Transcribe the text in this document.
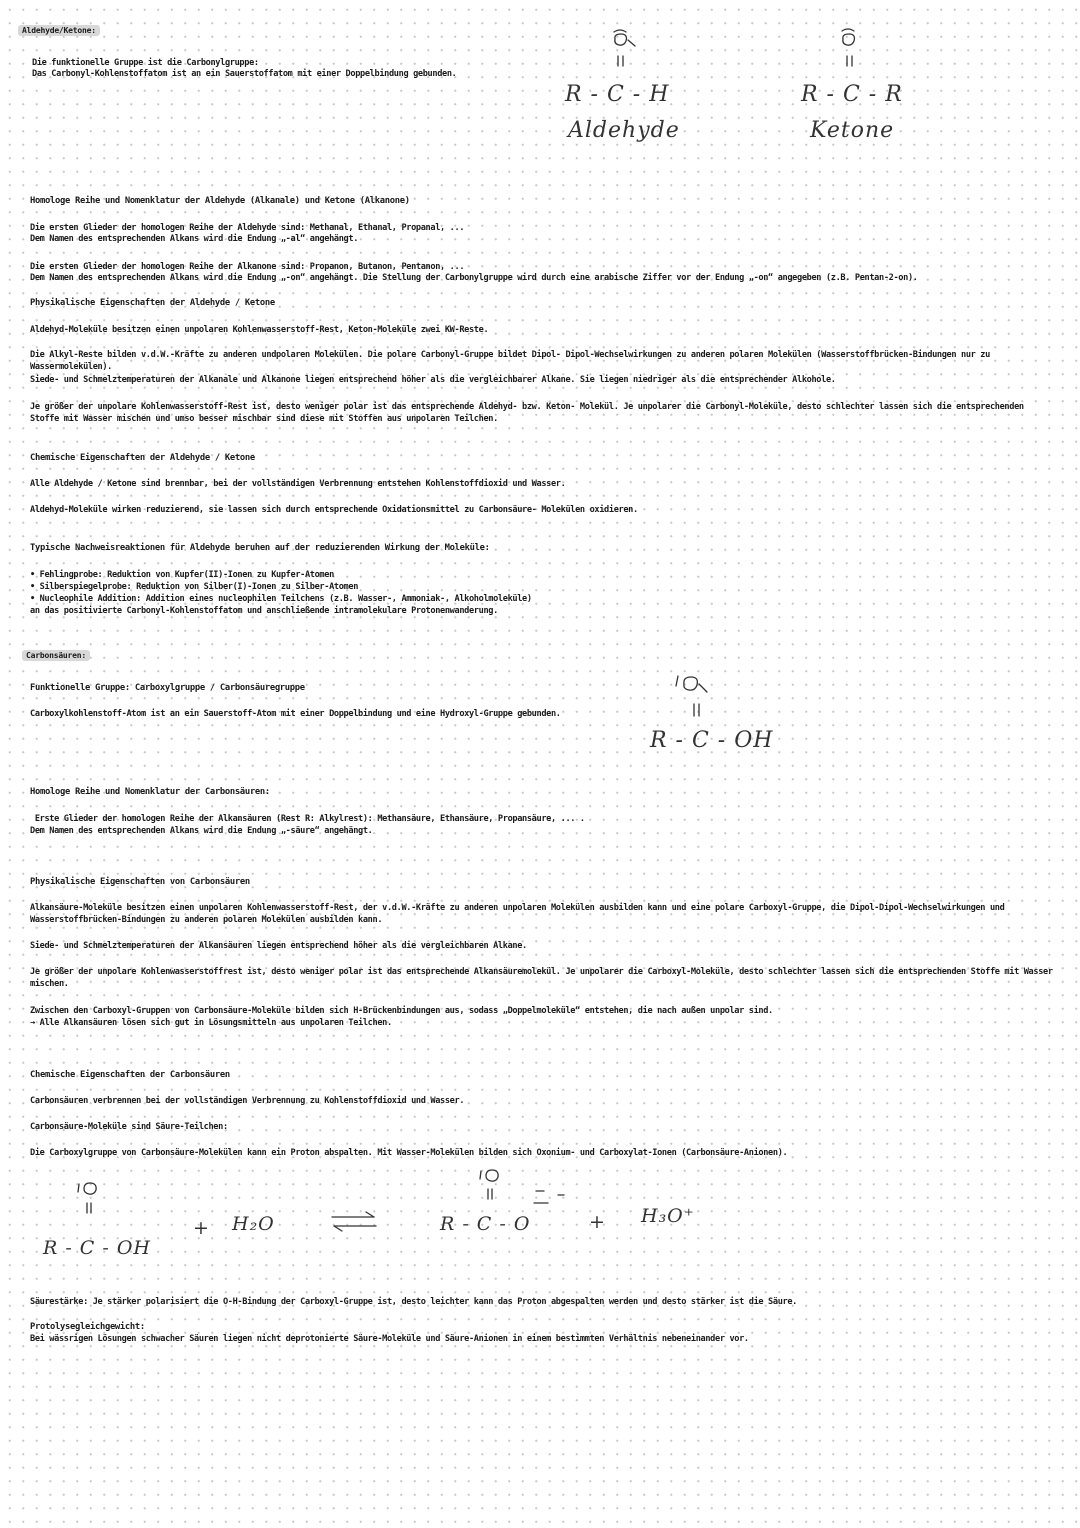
Aldehyde/Ketone:
Die funktionelle Gruppe ist die Carbonylgruppe:
Das Carbonyl-Kohlenstoffatom ist an ein Sauerstoffatom mit einer Doppelbindung gebunden.
R - C - H
Aldehyde
R - C - R
Ketone
Homologe Reihe und Nomenklatur der Aldehyde (Alkanale) und Ketone (Alkanone)
Die ersten Glieder der homologen Reihe der Aldehyde sind: Methanal, Ethanal, Propanal, ...
Dem Namen des entsprechenden Alkans wird die Endung „-al“ angehängt.
Die ersten Glieder der homologen Reihe der Alkanone sind: Propanon, Butanon, Pentanon, ...
Dem Namen des entsprechenden Alkans wird die Endung „-on“ angehängt. Die Stellung der Carbonylgruppe wird durch eine arabische Ziffer vor der Endung „-on“ angegeben (z.B. Pentan-2-on).
Physikalische Eigenschaften der Aldehyde / Ketone
Aldehyd-Moleküle besitzen einen unpolaren Kohlenwasserstoff-Rest, Keton-Moleküle zwei KW-Reste.
Die Alkyl-Reste bilden v.d.W.-Kräfte zu anderen undpolaren Molekülen. Die polare Carbonyl-Gruppe bildet Dipol- Dipol-Wechselwirkungen zu anderen polaren Molekülen (Wasserstoffbrücken-Bindungen nur zu
Wassermolekülen).
Siede- und Schmelztemperaturen der Alkanale und Alkanone liegen entsprechend höher als die vergleichbarer Alkane. Sie liegen niedriger als die entsprechender Alkohole.
Je größer der unpolare Kohlenwasserstoff-Rest ist, desto weniger polar ist das entsprechende Aldehyd- bzw. Keton- Molekül. Je unpolarer die Carbonyl-Moleküle, desto schlechter lassen sich die entsprechenden
Stoffe mit Wasser mischen und umso besser mischbar sind diese mit Stoffen aus unpolaren Teilchen.
Chemische Eigenschaften der Aldehyde / Ketone
Alle Aldehyde / Ketone sind brennbar, bei der vollständigen Verbrennung entstehen Kohlenstoffdioxid und Wasser.
Aldehyd-Moleküle wirken reduzierend, sie lassen sich durch entsprechende Oxidationsmittel zu Carbonsäure- Molekülen oxidieren.
Typische Nachweisreaktionen für Aldehyde beruhen auf der reduzierenden Wirkung der Moleküle:
• Fehlingprobe: Reduktion von Kupfer(II)-Ionen zu Kupfer-Atomen
• Silberspiegelprobe: Reduktion von Silber(I)-Ionen zu Silber-Atomen
• Nucleophile Addition: Addition eines nucleophilen Teilchens (z.B. Wasser-, Ammoniak-, Alkoholmoleküle)
an das positivierte Carbonyl-Kohlenstoffatom und anschließende intramolekulare Protonenwanderung.
Carbonsäuren:
Funktionelle Gruppe: Carboxylgruppe / Carbonsäuregruppe
Carboxylkohlenstoff-Atom ist an ein Sauerstoff-Atom mit einer Doppelbindung und eine Hydroxyl-Gruppe gebunden.
R - C - OH
Homologe Reihe und Nomenklatur der Carbonsäuren:
Erste Glieder der homologen Reihe der Alkansäuren (Rest R: Alkylrest): Methansäure, Ethansäure, Propansäure, ... .
Dem Namen des entsprechenden Alkans wird die Endung „-säure“ angehängt.
Physikalische Eigenschaften von Carbonsäuren
Alkansäure-Moleküle besitzen einen unpolaren Kohlenwasserstoff-Rest, der v.d.W.-Kräfte zu anderen unpolaren Molekülen ausbilden kann und eine polare Carboxyl-Gruppe, die Dipol-Dipol-Wechselwirkungen und
Wasserstoffbrücken-Bindungen zu anderen polaren Molekülen ausbilden kann.
Siede- und Schmelztemperaturen der Alkansäuren liegen entsprechend höher als die vergleichbaren Alkane.
Je größer der unpolare Kohlenwasserstoffrest ist, desto weniger polar ist das entsprechende Alkansäuremolekül. Je unpolarer die Carboxyl-Moleküle, desto schlechter lassen sich die entsprechenden Stoffe mit Wasser
mischen.
Zwischen den Carboxyl-Gruppen von Carbonsäure-Moleküle bilden sich H-Brückenbindungen aus, sodass „Doppelmoleküle“ entstehen, die nach außen unpolar sind.
→ Alle Alkansäuren lösen sich gut in Lösungsmitteln aus unpolaren Teilchen.
Chemische Eigenschaften der Carbonsäuren
Carbonsäuren verbrennen bei der vollständigen Verbrennung zu Kohlenstoffdioxid und Wasser.
Carbonsäure-Moleküle sind Säure-Teilchen:
Die Carboxylgruppe von Carbonsäure-Molekülen kann ein Proton abspalten. Mit Wasser-Molekülen bilden sich Oxonium- und Carboxylat-Ionen (Carbonsäure-Anionen).
R - C - OH
+ H₂O	R - C - O	+ H₃O⁺
Säurestärke: Je stärker polarisiert die O-H-Bindung der Carboxyl-Gruppe ist, desto leichter kann das Proton abgespalten werden und desto stärker ist die Säure.
Protolysegleichgewicht:
Bei wässrigen Lösungen schwacher Säuren liegen nicht deprotonierte Säure-Moleküle und Säure-Anionen in einem bestimmten Verhältnis nebeneinander vor.
